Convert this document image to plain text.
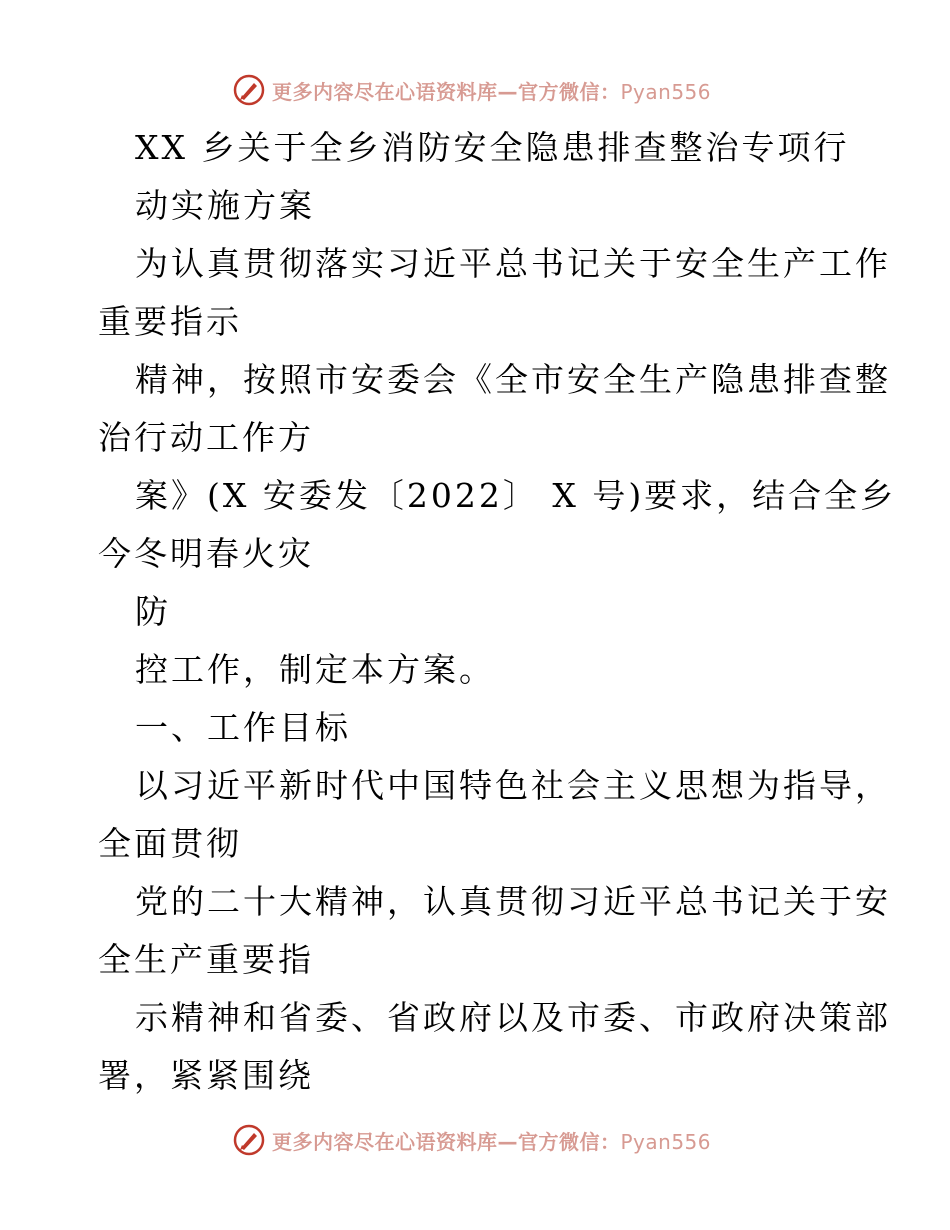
更多内容尽在心语资料库—官方微信：Pyan556
XX 乡关于全乡消防安全隐患排查整治专项行
动实施方案
为认真贯彻落实习近平总书记关于安全生产工作
重要指示
精神，按照市安委会《全市安全生产隐患排查整
治行动工作方
案》(X 安委发〔2022〕 X 号)要求，结合全乡
今冬明春火灾
防
控工作，制定本方案。
一、工作目标
以习近平新时代中国特色社会主义思想为指导，
全面贯彻
党的二十大精神，认真贯彻习近平总书记关于安
全生产重要指
示精神和省委、省政府以及市委、市政府决策部
署，紧紧围绕
更多内容尽在心语资料库—官方微信：Pyan556
